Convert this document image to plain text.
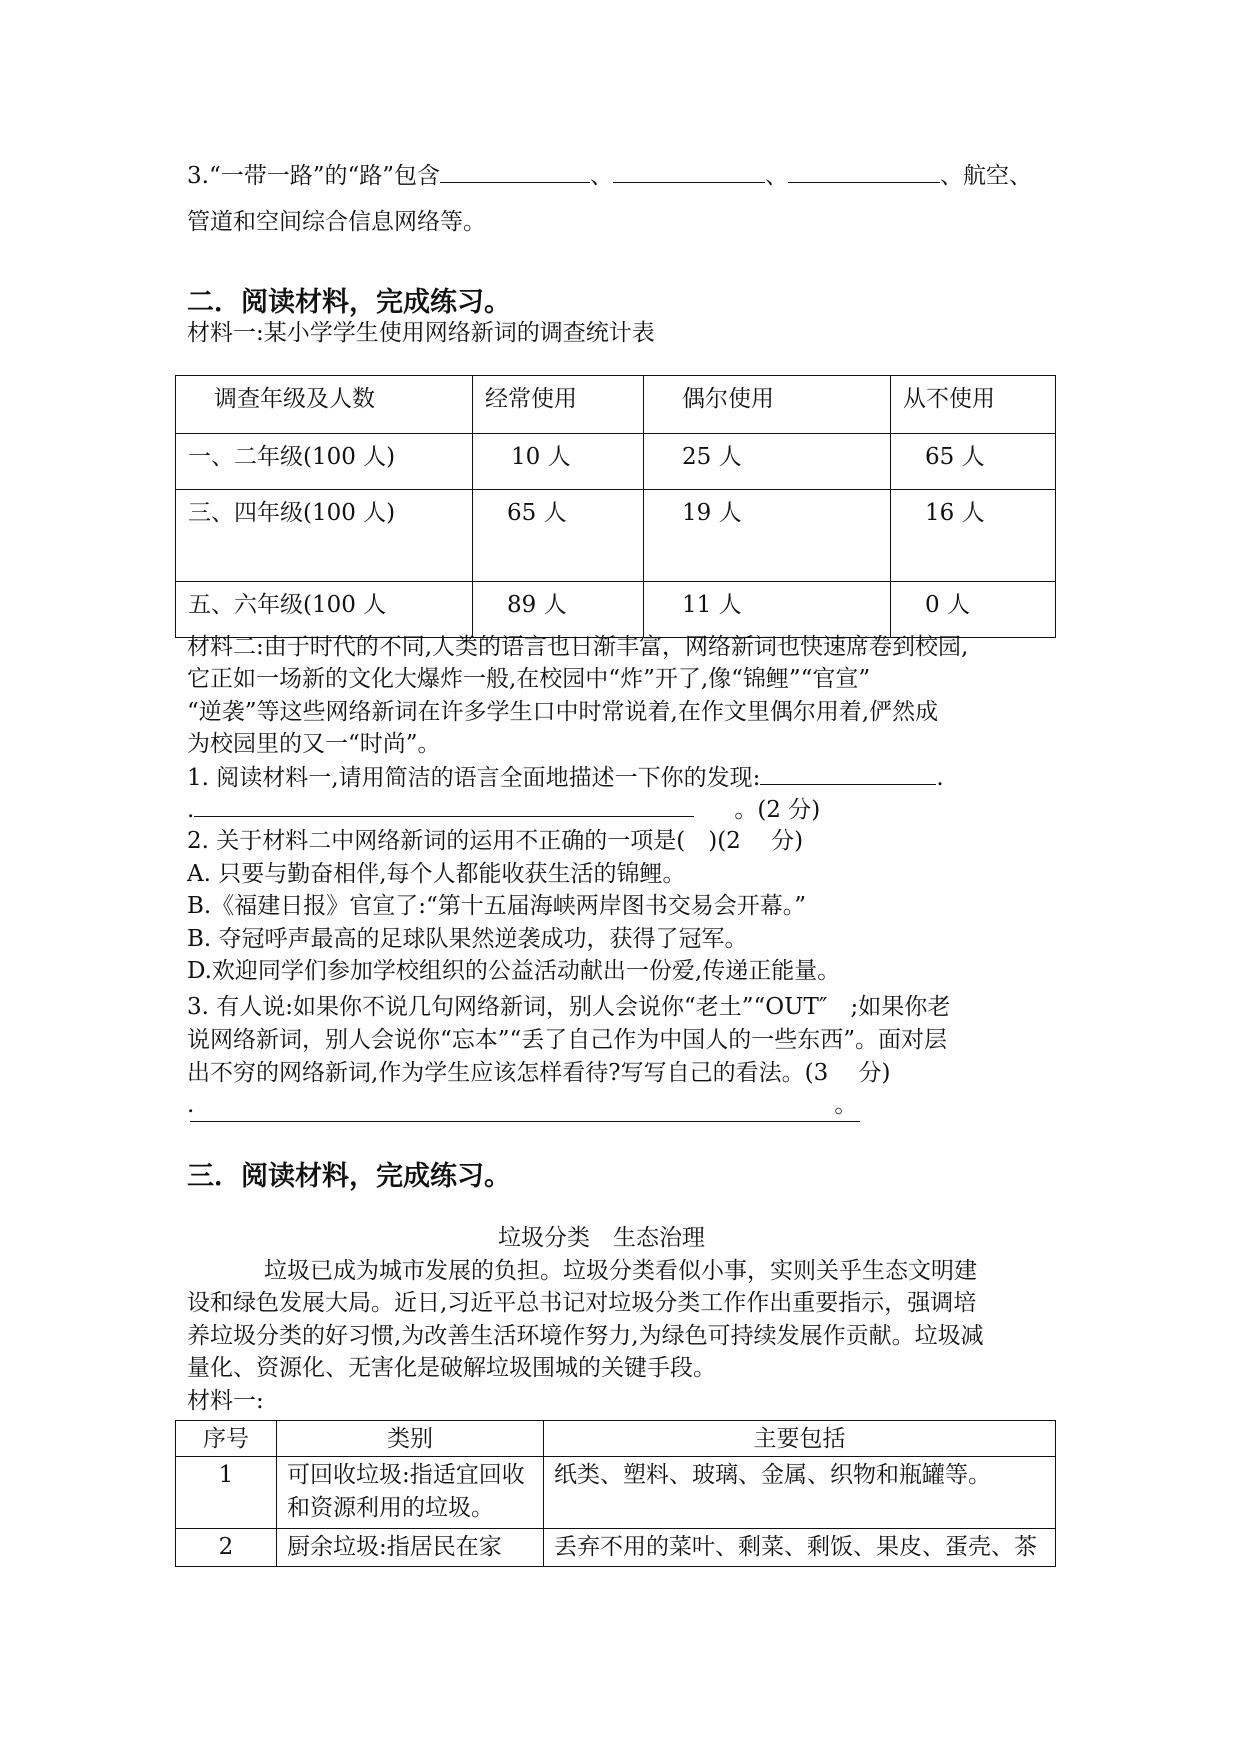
3.“一带一路”的“路”包含	、	、	、航空、
管道和空间综合信息网络等。
二．阅读材料，完成练习。
材料一:某小学学生使用网络新词的调查统计表
调查年级及人数	经常使用	偶尔使用	从不使用
一、二年级(100 人)	10 人	25 人	65 人
三、四年级(100 人)	65 人	19 人	16 人
五、六年级(100 人	89 人	11 人	0 人
材料二:由于时代的不同,人类的语言也日渐丰富，网络新词也快速席卷到校园,
它正如一场新的文化大爆炸一般,在校园中“炸”开了,像“锦鲤”“官宣”
“逆袭”等这些网络新词在许多学生口中时常说着,在作文里偶尔用着,俨然成
为校园里的又一“时尚”。
1. 阅读材料一,请用简洁的语言全面地描述一下你的发现:	.
.	。(2 分)
2. 关于材料二中网络新词的运用不正确的一项是(　)(2　 分)
A. 只要与勤奋相伴,每个人都能收获生活的锦鲤。
B.《福建日报》官宣了:“第十五届海峡两岸图书交易会开幕。”
B. 夺冠呼声最高的足球队果然逆袭成功，获得了冠军。
D.欢迎同学们参加学校组织的公益活动献出一份爱,传递正能量。
3. 有人说:如果你不说几句网络新词，别人会说你“老土”“OUT″　;如果你老
说网络新词，别人会说你“忘本”“丢了自己作为中国人的一些东西”。面对层
出不穷的网络新词,作为学生应该怎样看待?写写自己的看法。(3　 分)
.	。
三．阅读材料，完成练习。
垃圾分类　生态治理
垃圾已成为城市发展的负担。垃圾分类看似小事，实则关乎生态文明建
设和绿色发展大局。近日,习近平总书记对垃圾分类工作作出重要指示，强调培
养垃圾分类的好习惯,为改善生活环境作努力,为绿色可持续发展作贡献。垃圾减
量化、资源化、无害化是破解垃圾围城的关键手段。
材料一:
序号	类别	主要包括
1	可回收垃圾:指适宜回收和资源利用的垃圾。	纸类、塑料、玻璃、金属、织物和瓶罐等。
2	厨余垃圾:指居民在家	丢弃不用的菜叶、剩菜、剩饭、果皮、蛋壳、茶
